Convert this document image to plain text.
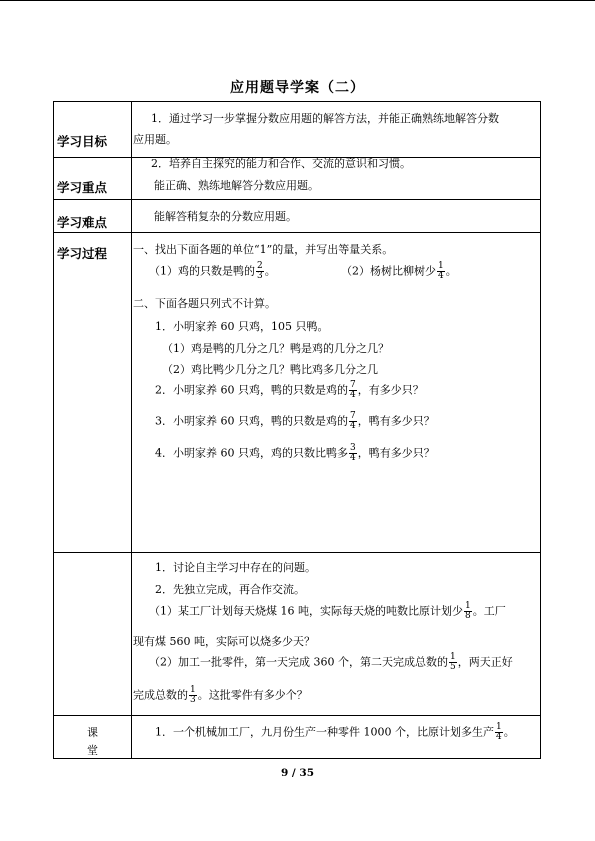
应用题导学案（二）
学习目标
学习重点
学习难点
学习过程
课
堂
1．通过学习一步掌握分数应用题的解答方法，并能正确熟练地解答分数
应用题。
2．培养自主探究的能力和合作、交流的意识和习惯。
能正确、熟练地解答分数应用题。
能解答稍复杂的分数应用题。
一、找出下面各题的单位“1”的量，并写出等量关系。
（1）鸡的只数是鸭的 $\frac{2}{3}$ 。	（2）杨树比柳树少 $\frac{1}{4}$ 。
二、下面各题只列式不计算。
1．小明家养 60 只鸡，105 只鸭。
（1）鸡是鸭的几分之几？鸭是鸡的几分之几？
（2）鸡比鸭少几分之几？鸭比鸡多几分之几
2．小明家养 60 只鸡，鸭的只数是鸡的 $\frac{7}{4}$ ，有多少只？
3．小明家养 60 只鸡，鸭的只数是鸡的 $\frac{7}{4}$ ，鸭有多少只？
4．小明家养 60 只鸡，鸡的只数比鸭多 $\frac{3}{4}$ ，鸭有多少只？
1．讨论自主学习中存在的问题。
2．先独立完成，再合作交流。
（1）某工厂计划每天烧煤 16 吨，实际每天烧的吨数比原计划少 $\frac{1}{8}$ 。工厂
现有煤 560 吨，实际可以烧多少天？
（2）加工一批零件，第一天完成 360 个，第二天完成总数的 $\frac{1}{5}$ ，两天正好
完成总数的 $\frac{1}{3}$ 。这批零件有多少个？
1．一个机械加工厂，九月份生产一种零件 1000 个，比原计划多生产 $\frac{1}{4}$ 。
9 / 35
